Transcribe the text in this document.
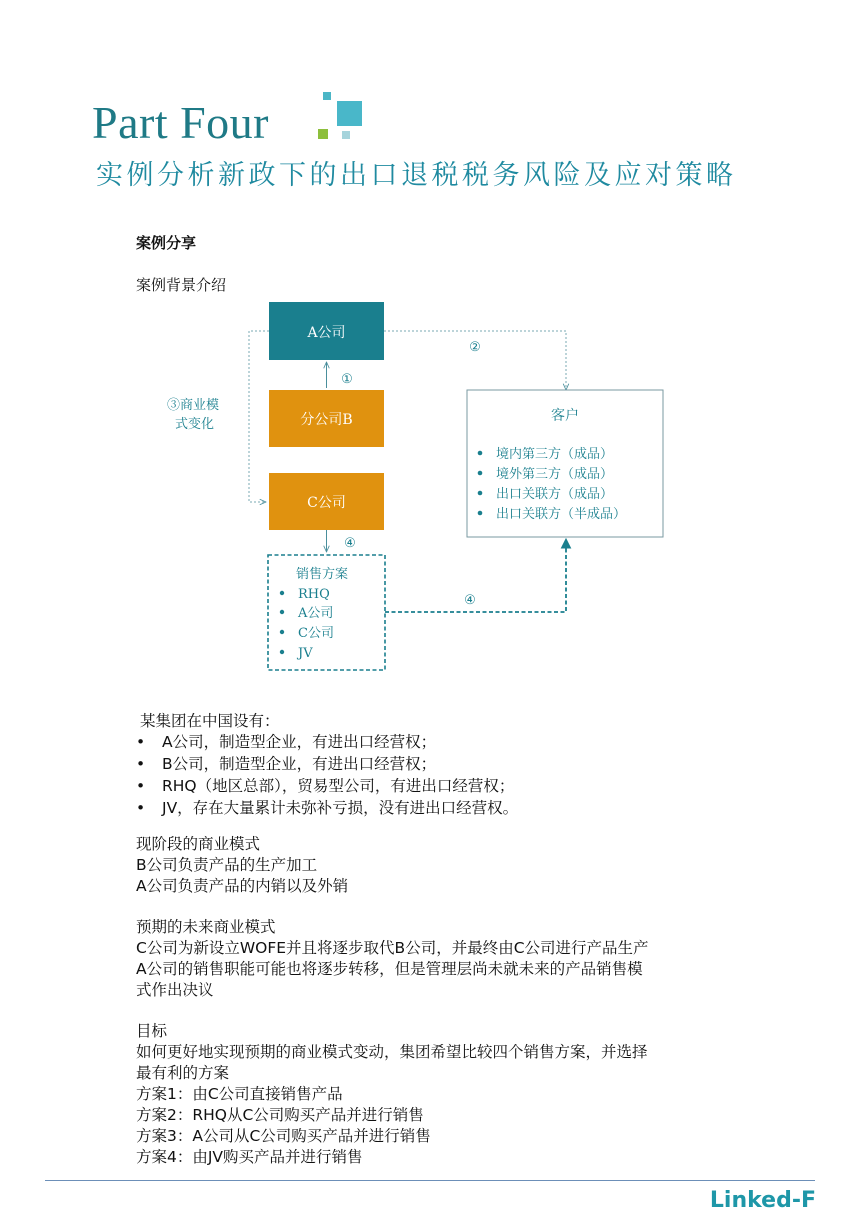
Part Four
实例分析新政下的出口退税税务风险及应对策略
案例分享
案例背景介绍
A公司
分公司B
C公司
①
②
③商业模
式变化
客户
境内第三方（成品）
境外第三方（成品）
出口关联方（成品）
出口关联方（半成品）
④
销售方案
RHQ
A公司
C公司
JV
④
某集团在中国设有：
• A公司，制造型企业，有进出口经营权；
• B公司，制造型企业，有进出口经营权；
• RHQ（地区总部），贸易型公司，有进出口经营权；
• JV，存在大量累计未弥补亏损，没有进出口经营权。
现阶段的商业模式
B公司负责产品的生产加工
A公司负责产品的内销以及外销
预期的未来商业模式
C公司为新设立WOFE并且将逐步取代B公司，并最终由C公司进行产品生产
A公司的销售职能可能也将逐步转移，但是管理层尚未就未来的产品销售模
式作出决议
目标
如何更好地实现预期的商业模式变动，集团希望比较四个销售方案，并选择
最有利的方案
方案1：由C公司直接销售产品
方案2：RHQ从C公司购买产品并进行销售
方案3：A公司从C公司购买产品并进行销售
方案4：由JV购买产品并进行销售
Linked-F
